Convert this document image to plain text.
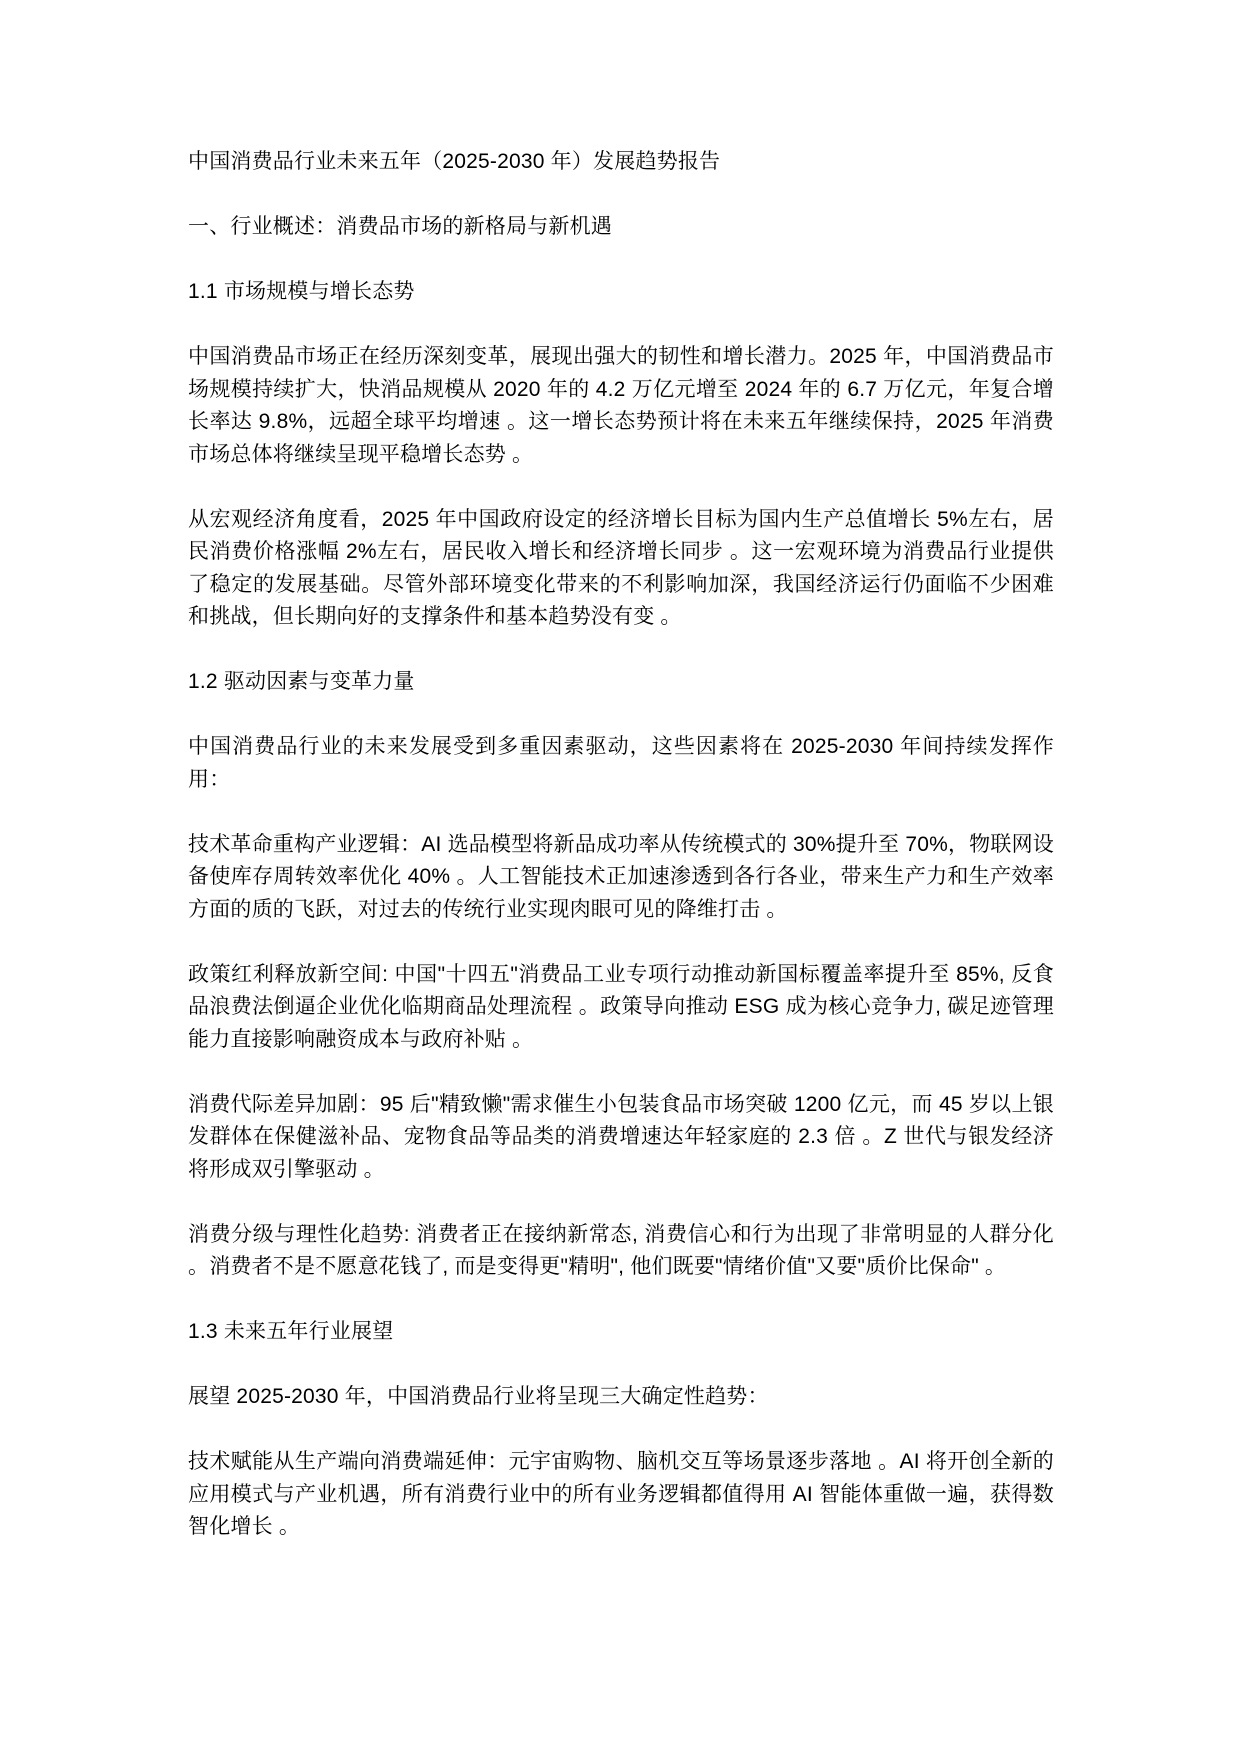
中国消费品行业未来五年（2025-2030 年）发展趋势报告

一、行业概述：消费品市场的新格局与新机遇

1.1 市场规模与增长态势

中国消费品市场正在经历深刻变革，展现出强大的韧性和增长潜力。2025 年，中国消费品市场规模持续扩大，快消品规模从 2020 年的 4.2 万亿元增至 2024 年的 6.7 万亿元，年复合增长率达 9.8%，远超全球平均增速 。这一增长态势预计将在未来五年继续保持，2025 年消费市场总体将继续呈现平稳增长态势 。

从宏观经济角度看，2025 年中国政府设定的经济增长目标为国内生产总值增长 5%左右，居民消费价格涨幅 2%左右，居民收入增长和经济增长同步 。这一宏观环境为消费品行业提供了稳定的发展基础。尽管外部环境变化带来的不利影响加深，我国经济运行仍面临不少困难和挑战，但长期向好的支撑条件和基本趋势没有变 。

1.2 驱动因素与变革力量

中国消费品行业的未来发展受到多重因素驱动，这些因素将在 2025-2030 年间持续发挥作用：

技术革命重构产业逻辑：AI 选品模型将新品成功率从传统模式的 30%提升至 70%，物联网设备使库存周转效率优化 40% 。人工智能技术正加速渗透到各行各业，带来生产力和生产效率方面的质的飞跃，对过去的传统行业实现肉眼可见的降维打击 。

政策红利释放新空间: 中国"十四五"消费品工业专项行动推动新国标覆盖率提升至 85%, 反食品浪费法倒逼企业优化临期商品处理流程 。政策导向推动 ESG 成为核心竞争力, 碳足迹管理能力直接影响融资成本与政府补贴 。

消费代际差异加剧：95 后"精致懒"需求催生小包装食品市场突破 1200 亿元，而 45 岁以上银发群体在保健滋补品、宠物食品等品类的消费增速达年轻家庭的 2.3 倍 。Z 世代与银发经济将形成双引擎驱动 。

消费分级与理性化趋势: 消费者正在接纳新常态, 消费信心和行为出现了非常明显的人群分化 。消费者不是不愿意花钱了, 而是变得更"精明", 他们既要"情绪价值"又要"质价比保命" 。

1.3 未来五年行业展望

展望 2025-2030 年，中国消费品行业将呈现三大确定性趋势：

技术赋能从生产端向消费端延伸：元宇宙购物、脑机交互等场景逐步落地 。AI 将开创全新的应用模式与产业机遇，所有消费行业中的所有业务逻辑都值得用 AI 智能体重做一遍，获得数智化增长 。
